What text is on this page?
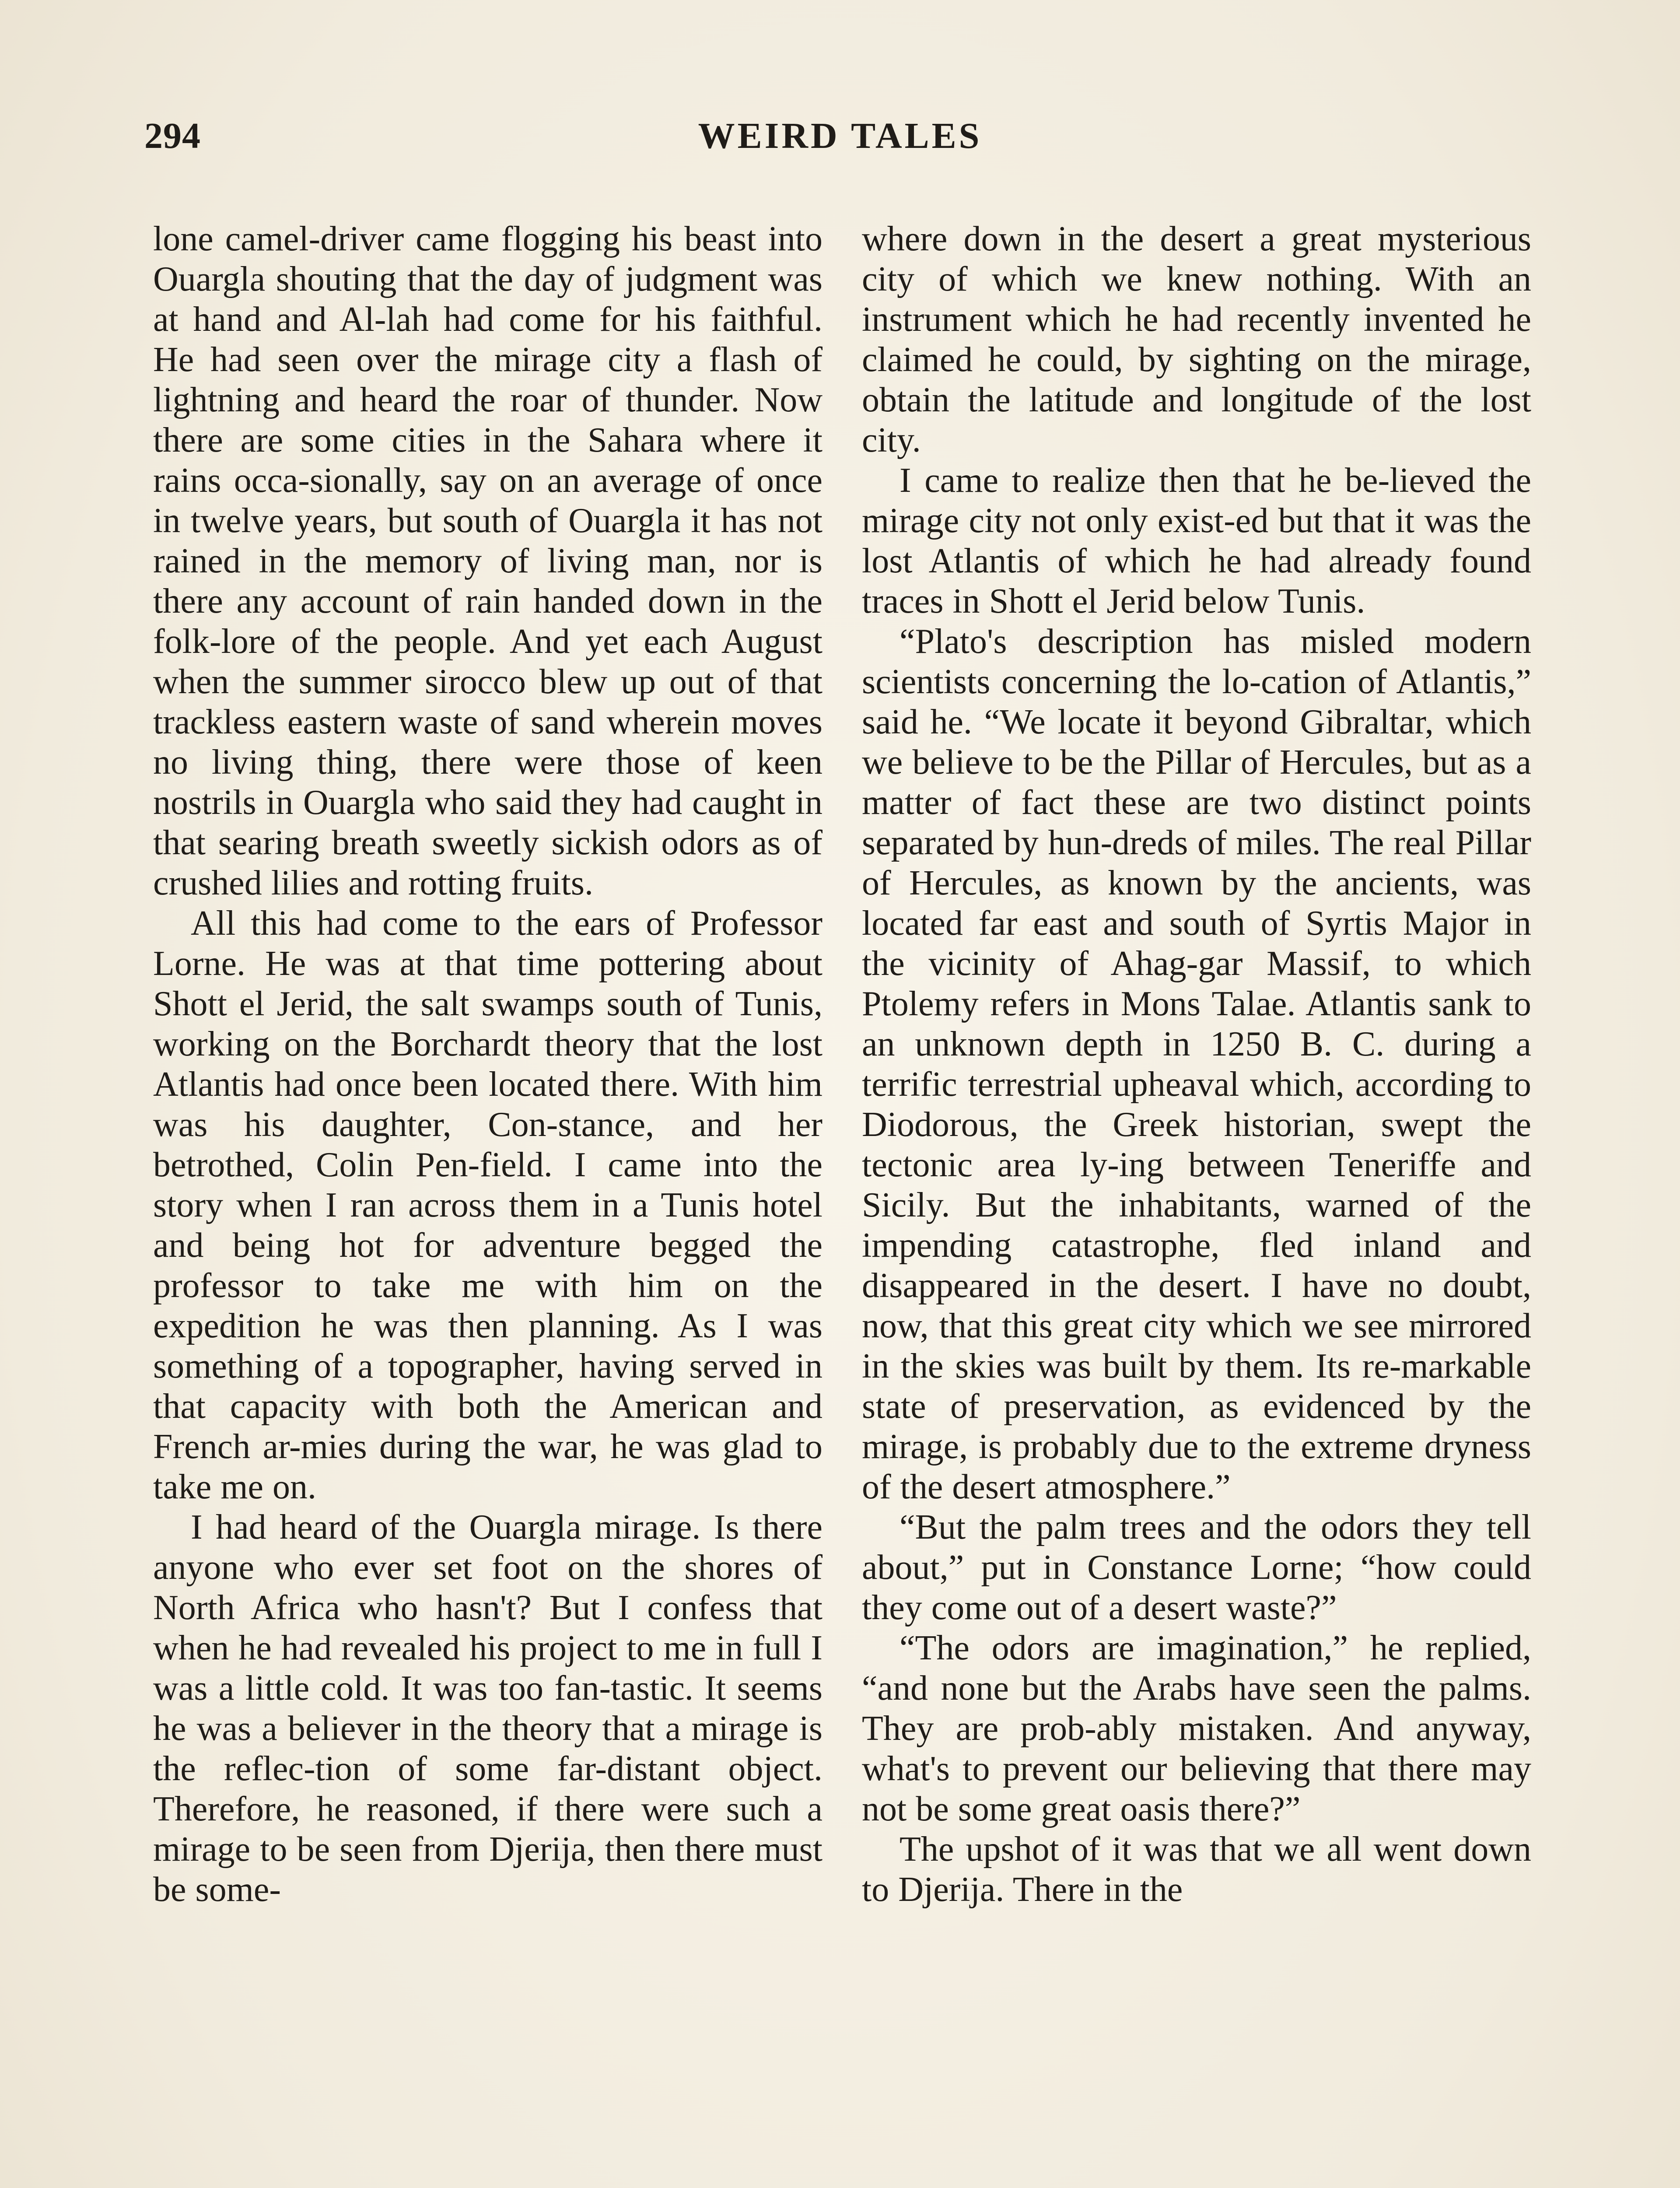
294	WEIRD TALES

lone camel-driver came flogging his beast into Ouargla shouting that the day of judgment was at hand and Al-lah had come for his faithful. He had seen over the mirage city a flash of lightning and heard the roar of thunder. Now there are some cities in the Sahara where it rains occa-sionally, say on an average of once in twelve years, but south of Ouargla it has not rained in the memory of living man, nor is there any account of rain handed down in the folk-lore of the people. And yet each August when the summer sirocco blew up out of that trackless eastern waste of sand wherein moves no living thing, there were those of keen nostrils in Ouargla who said they had caught in that searing breath sweetly sickish odors as of crushed lilies and rotting fruits.

All this had come to the ears of Professor Lorne. He was at that time pottering about Shott el Jerid, the salt swamps south of Tunis, working on the Borchardt theory that the lost Atlantis had once been located there. With him was his daughter, Con-stance, and her betrothed, Colin Pen-field. I came into the story when I ran across them in a Tunis hotel and being hot for adventure begged the professor to take me with him on the expedition he was then planning. As I was something of a topographer, having served in that capacity with both the American and French ar-mies during the war, he was glad to take me on.

I had heard of the Ouargla mirage. Is there anyone who ever set foot on the shores of North Africa who hasn't? But I confess that when he had revealed his project to me in full I was a little cold. It was too fan-tastic. It seems he was a believer in the theory that a mirage is the reflec-tion of some far-distant object. Therefore, he reasoned, if there were such a mirage to be seen from Djerija, then there must be some-

where down in the desert a great mysterious city of which we knew nothing. With an instrument which he had recently invented he claimed he could, by sighting on the mirage, obtain the latitude and longitude of the lost city.

I came to realize then that he be-lieved the mirage city not only exist-ed but that it was the lost Atlantis of which he had already found traces in Shott el Jerid below Tunis.

“Plato's description has misled modern scientists concerning the lo-cation of Atlantis,” said he. “We locate it beyond Gibraltar, which we believe to be the Pillar of Hercules, but as a matter of fact these are two distinct points separated by hun-dreds of miles. The real Pillar of Hercules, as known by the ancients, was located far east and south of Syrtis Major in the vicinity of Ahag-gar Massif, to which Ptolemy refers in Mons Talae. Atlantis sank to an unknown depth in 1250 B. C. during a terrific terrestrial upheaval which, according to Diodorous, the Greek historian, swept the tectonic area ly-ing between Teneriffe and Sicily. But the inhabitants, warned of the impending catastrophe, fled inland and disappeared in the desert. I have no doubt, now, that this great city which we see mirrored in the skies was built by them. Its re-markable state of preservation, as evidenced by the mirage, is probably due to the extreme dryness of the desert atmosphere.”

“But the palm trees and the odors they tell about,” put in Constance Lorne; “how could they come out of a desert waste?”

“The odors are imagination,” he replied, “and none but the Arabs have seen the palms. They are prob-ably mistaken. And anyway, what's to prevent our believing that there may not be some great oasis there?”

The upshot of it was that we all went down to Djerija. There in the
